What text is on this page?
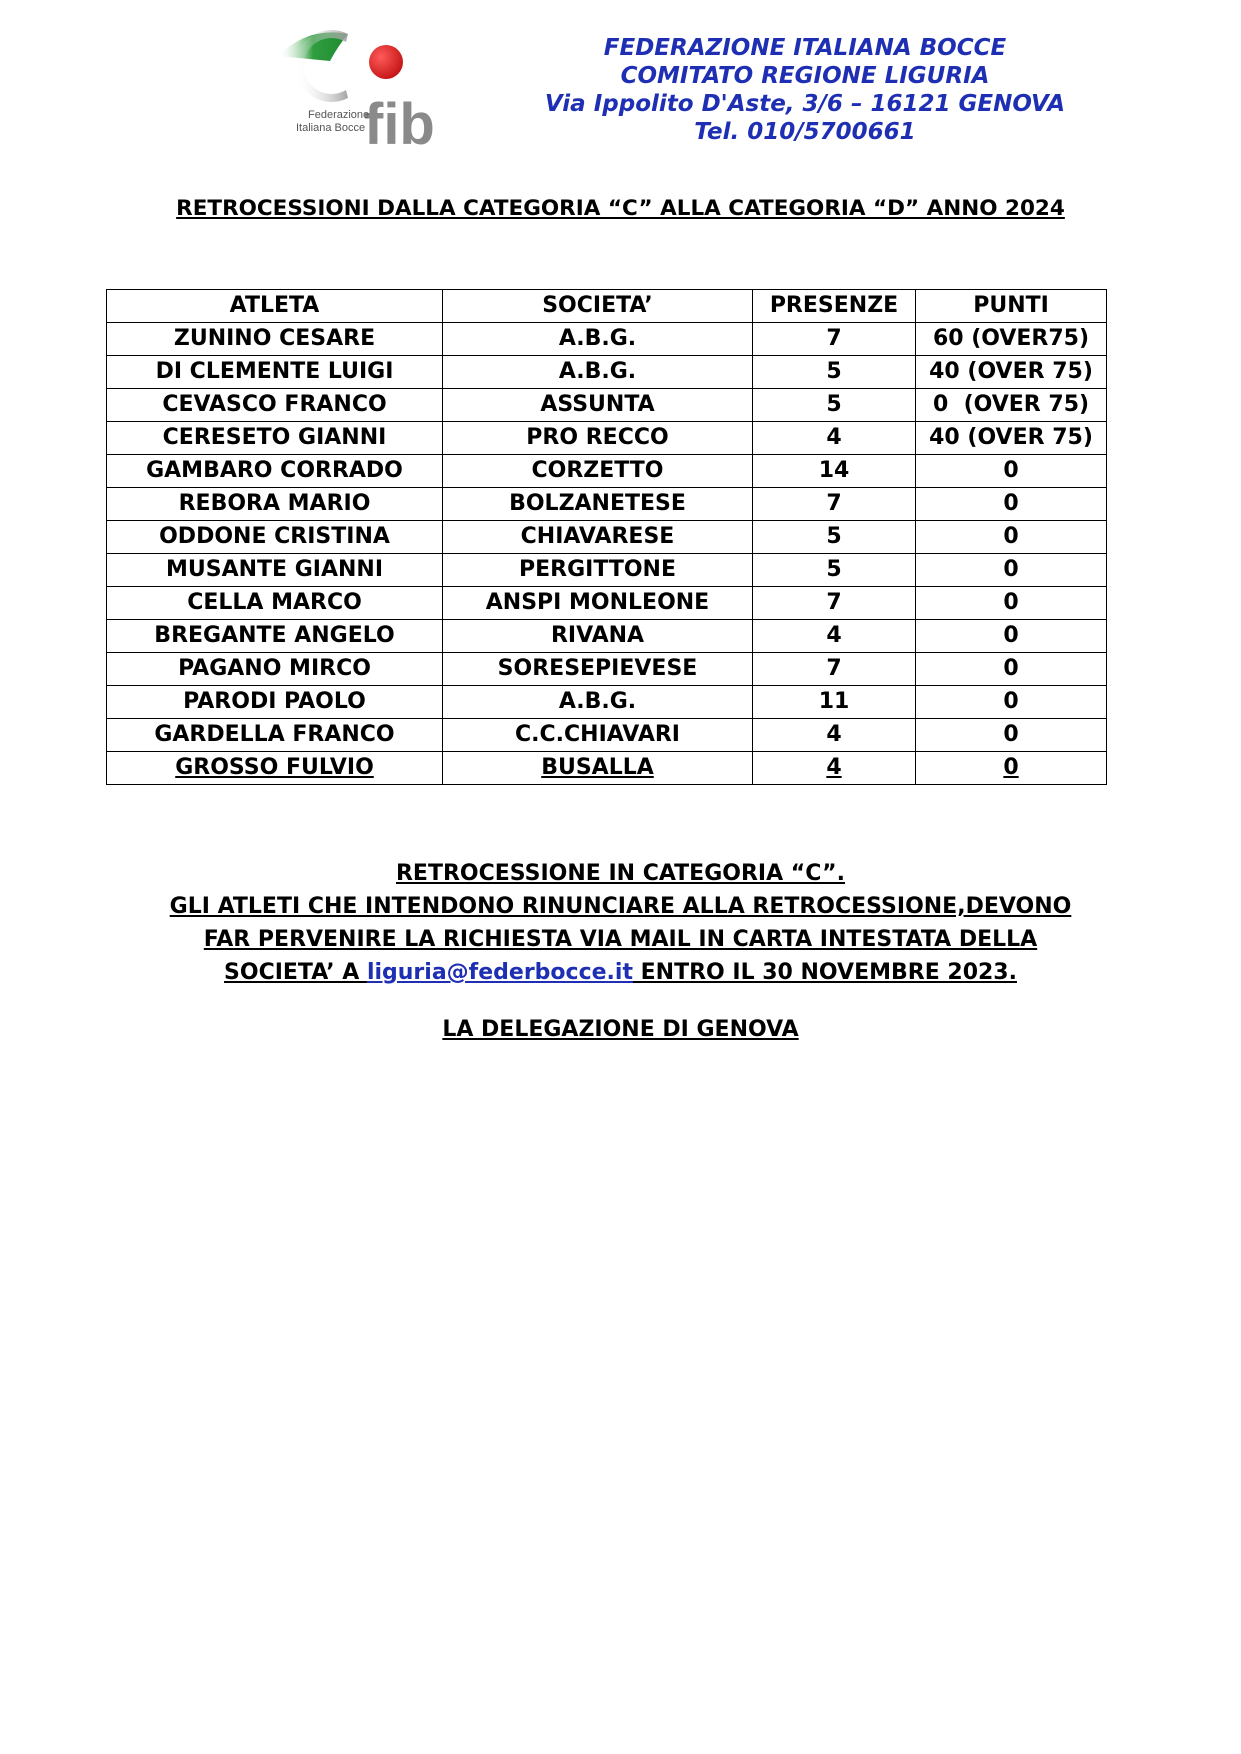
fib
Federazione
Italiana Bocce
FEDERAZIONE ITALIANA BOCCE
COMITATO REGIONE LIGURIA
Via Ippolito D'Aste, 3/6 – 16121 GENOVA
Tel. 010/5700661
RETROCESSIONI DALLA CATEGORIA “C” ALLA CATEGORIA “D” ANNO 2024
ATLETA	SOCIETA’	PRESENZE	PUNTI
ZUNINO CESARE	A.B.G.	7	60 (OVER75)
DI CLEMENTE LUIGI	A.B.G.	5	40 (OVER 75)
CEVASCO FRANCO	ASSUNTA	5	0  (OVER 75)
CERESETO GIANNI	PRO RECCO	4	40 (OVER 75)
GAMBARO CORRADO	CORZETTO	14	0
REBORA MARIO	BOLZANETESE	7	0
ODDONE CRISTINA	CHIAVARESE	5	0
MUSANTE GIANNI	PERGITTONE	5	0
CELLA MARCO	ANSPI MONLEONE	7	0
BREGANTE ANGELO	RIVANA	4	0
PAGANO MIRCO	SORESEPIEVESE	7	0
PARODI PAOLO	A.B.G.	11	0
GARDELLA FRANCO	C.C.CHIAVARI	4	0
GROSSO FULVIO	BUSALLA	4	0
RETROCESSIONE IN CATEGORIA “C”.
GLI ATLETI CHE INTENDONO RINUNCIARE ALLA RETROCESSIONE,DEVONO
FAR PERVENIRE LA RICHIESTA VIA MAIL IN CARTA INTESTATA DELLA
SOCIETA’ A liguria@federbocce.it ENTRO IL 30 NOVEMBRE 2023.
LA DELEGAZIONE DI GENOVA
